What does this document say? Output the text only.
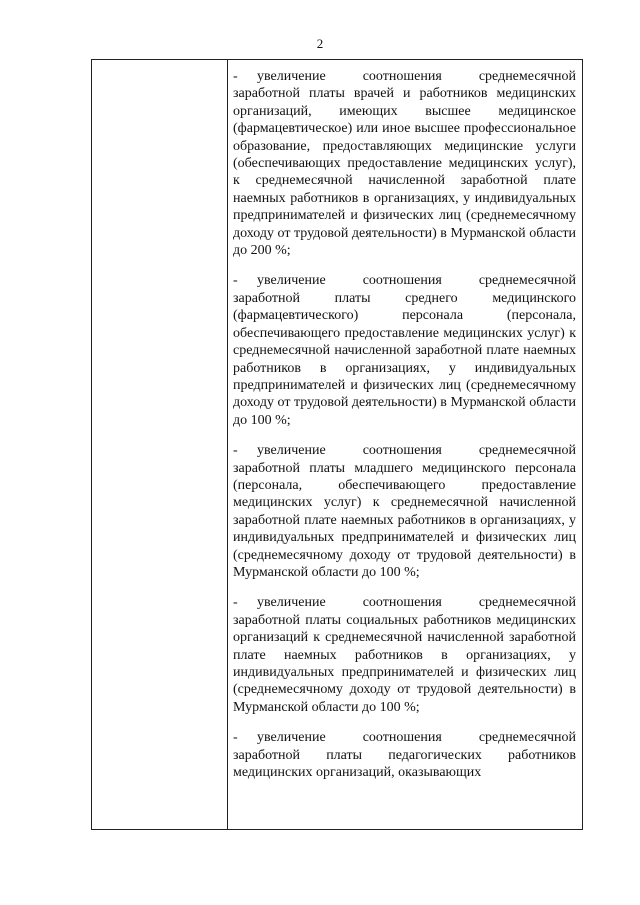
2

- увеличение соотношения среднемесячной заработной платы врачей и работников медицинских организаций, имеющих высшее медицинское (фармацевтическое) или иное высшее профессиональное образование, предоставляющих медицинские услуги (обеспечивающих предоставление медицинских услуг), к среднемесячной начисленной заработной плате наемных работников в организациях, у индивидуальных предпринимателей и физических лиц (среднемесячному доходу от трудовой деятельности) в Мурманской области до 200 %;

- увеличение соотношения среднемесячной заработной платы среднего медицинского (фармацевтического) персонала (персонала, обеспечивающего предоставление медицинских услуг) к среднемесячной начисленной заработной плате наемных работников в организациях, у индивидуальных предпринимателей и физических лиц (среднемесячному доходу от трудовой деятельности) в Мурманской области до 100 %;

- увеличение соотношения среднемесячной заработной платы младшего медицинского персонала (персонала, обеспечивающего предоставление медицинских услуг) к среднемесячной начисленной заработной плате наемных работников в организациях, у индивидуальных предпринимателей и физических лиц (среднемесячному доходу от трудовой деятельности) в Мурманской области до 100 %;

- увеличение соотношения среднемесячной заработной платы социальных работников медицинских организаций к среднемесячной начисленной заработной плате наемных работников в организациях, у индивидуальных предпринимателей и физических лиц (среднемесячному доходу от трудовой деятельности) в Мурманской области до 100 %;

- увеличение соотношения среднемесячной заработной платы педагогических работников медицинских организаций, оказывающих
